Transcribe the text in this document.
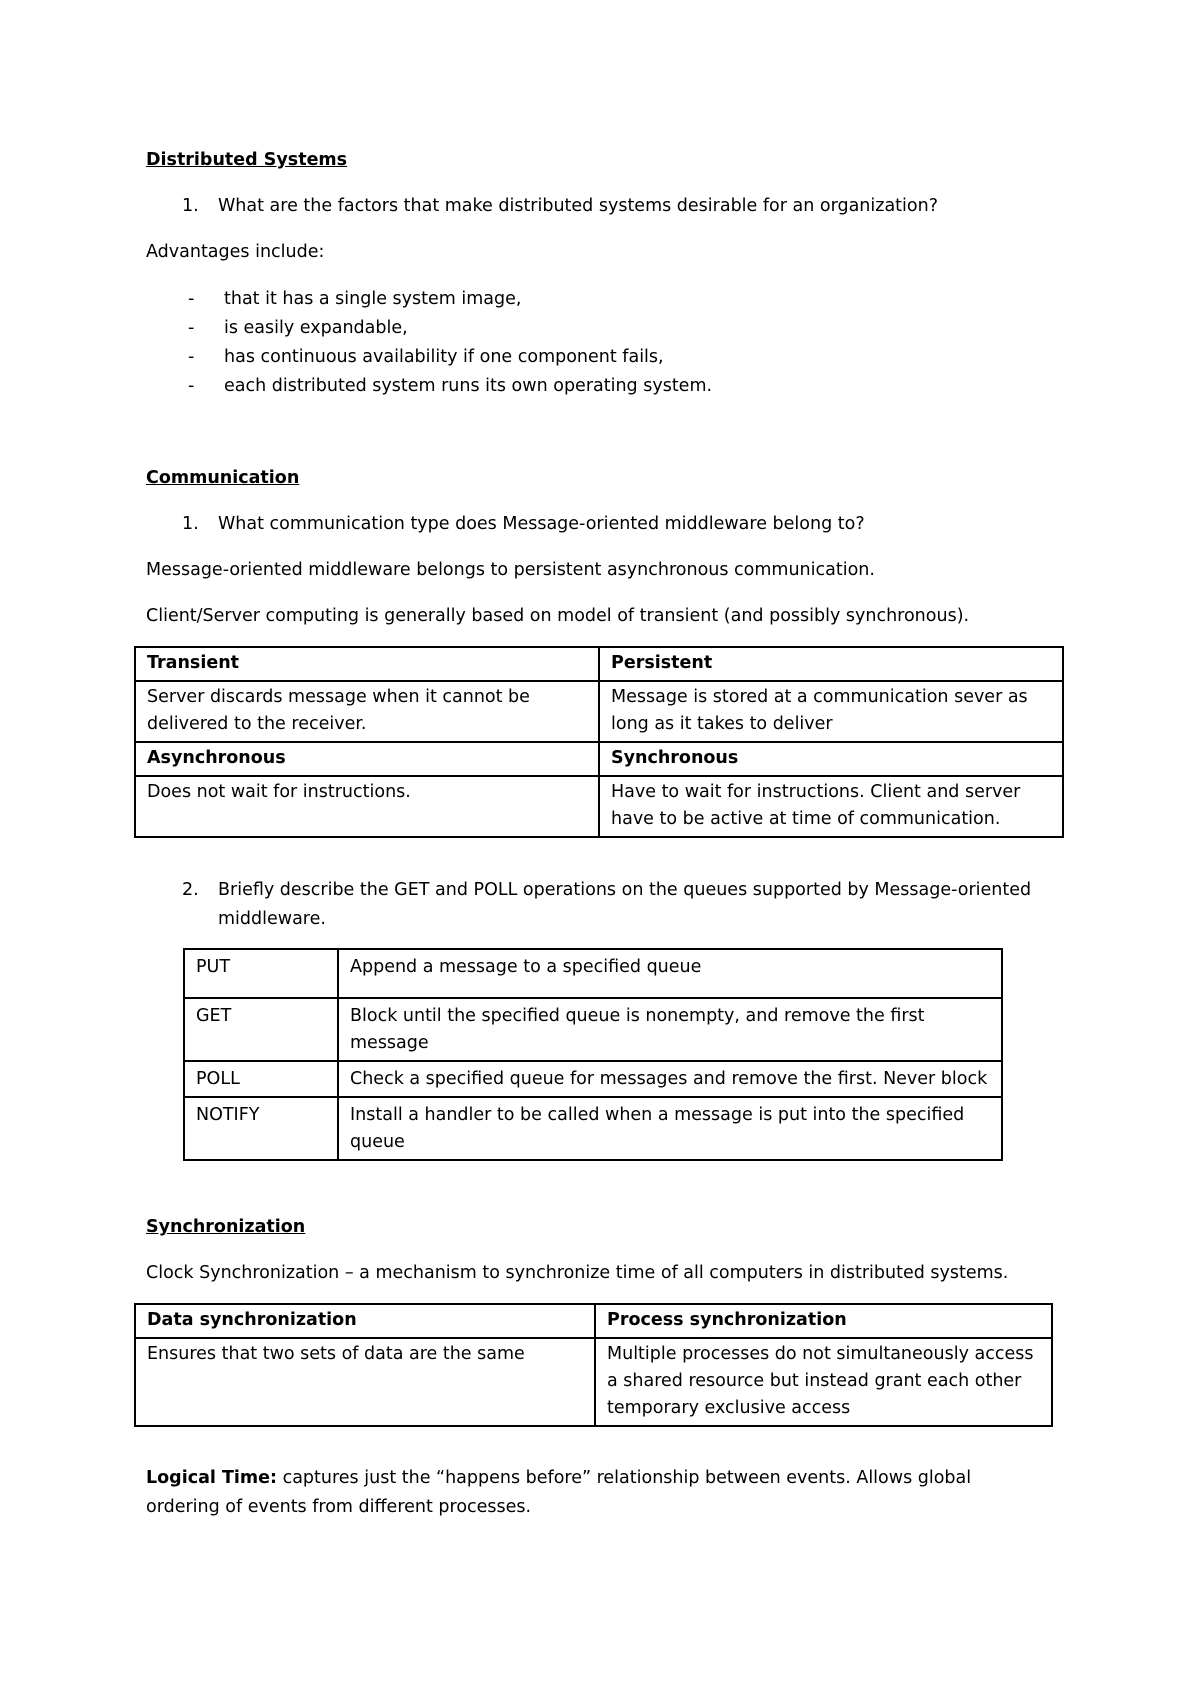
Distributed Systems
1. What are the factors that make distributed systems desirable for an organization?
Advantages include:
- that it has a single system image,
- is easily expandable,
- has continuous availability if one component fails,
- each distributed system runs its own operating system.
Communication
1. What communication type does Message-oriented middleware belong to?
Message-oriented middleware belongs to persistent asynchronous communication.
Client/Server computing is generally based on model of transient (and possibly synchronous).
Transient	Persistent
Server discards message when it cannot be delivered to the receiver.	Message is stored at a communication sever as long as it takes to deliver
Asynchronous	Synchronous
Does not wait for instructions.	Have to wait for instructions. Client and server have to be active at time of communication.
2. Briefly describe the GET and POLL operations on the queues supported by Message-oriented
middleware.
PUT	Append a message to a specified queue
GET	Block until the specified queue is nonempty, and remove the first message
POLL	Check a specified queue for messages and remove the first. Never block
NOTIFY	Install a handler to be called when a message is put into the specified queue
Synchronization
Clock Synchronization – a mechanism to synchronize time of all computers in distributed systems.
Data synchronization	Process synchronization
Ensures that two sets of data are the same	Multiple processes do not simultaneously access a shared resource but instead grant each other temporary exclusive access
Logical Time: captures just the “happens before” relationship between events. Allows global
ordering of events from different processes.
